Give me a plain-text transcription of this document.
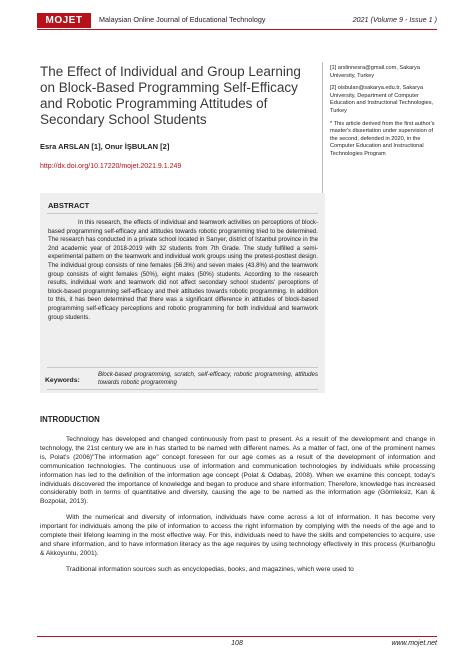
MOJET	Malaysian Online Journal of Educational Technology	2021 (Volume 9 - Issue 1 )
The Effect of Individual and Group Learning on Block-Based Programming Self-Efficacy and Robotic Programming Attitudes of Secondary School Students
Esra ARSLAN [1], Onur İŞBULAN [2]
http://dx.doi.org/10.17220/mojet.2021.9.1.249

[1] arslinnesra@gmail.com, Sakarya University, Turkey

[2] oisbulan@sakarya.edu.tr, Sakarya University, Department of Computer Education and Instructional Technologies, Turkey

* This article derived from the first author's master's dissertation under supervision of the second, defended in 2020, in the Computer Education and Instructional Technologies Program

ABSTRACT
In this research, the effects of individual and teamwork activities on perceptions of block-based programming self-efficacy and attitudes towards robotic programming tried to be determined. The research has conducted in a private school located in Sarıyer, district of Istanbul province in the 2nd academic year of 2018-2019 with 32 students from 7th Grade. The study fulfilled a semi-experimental pattern on the teamwork and individual work groups using the pretest-posttest design. The individual group consists of nine females (56.3%) and seven males (43.8%) and the teamwork group consists of eight females (50%), eight males (50%) students. According to the research results, individual work and teamwork did not affect secondary school students' perceptions of block-based programming self-efficacy and their attitudes towards robotic programming. In addition to this, it has been determined that there was a significant difference in attitudes of block-based programming self-efficacy perceptions and robotic programming for both individual and teamwork group students.
Keywords:
Block-based programming, scratch, self-efficacy, robotic programming, attitudes towards robotic programming
INTRODUCTION

Technology has developed and changed continuously from past to present. As a result of the development and change in technology, the 21st century we are in has started to be named with different names. As a matter of fact, one of the prominent names is, Polat's (2006)"The information age" concept foreseen for our age comes as a result of the development of information and communication technologies. The continuous use of information and communication technologies by individuals while processing information has led to the definition of the information age concept (Polat & Odabaş, 2008). When we examine this concept, today's individuals discovered the importance of knowledge and began to produce and share information; Therefore, knowledge has increased considerably both in terms of quantitative and diversity, causing the age to be named as the information age (Gömleksiz, Kan & Bozpolat, 2013).

With the numerical and diversity of information, individuals have come across a lot of information. It has become very important for individuals among the pile of information to access the right information by complying with the needs of the age and to complete their lifelong learning in the most effective way. For this, individuals need to have the skills and competencies to acquire, use and share information, and to have information literacy as the age requires by using technology effectively in this process (Kurbanoğlu & Akkoyunlu, 2001).

Traditional information sources such as encyclopedias, books, and magazines, which were used to

108	www.mojet.net
